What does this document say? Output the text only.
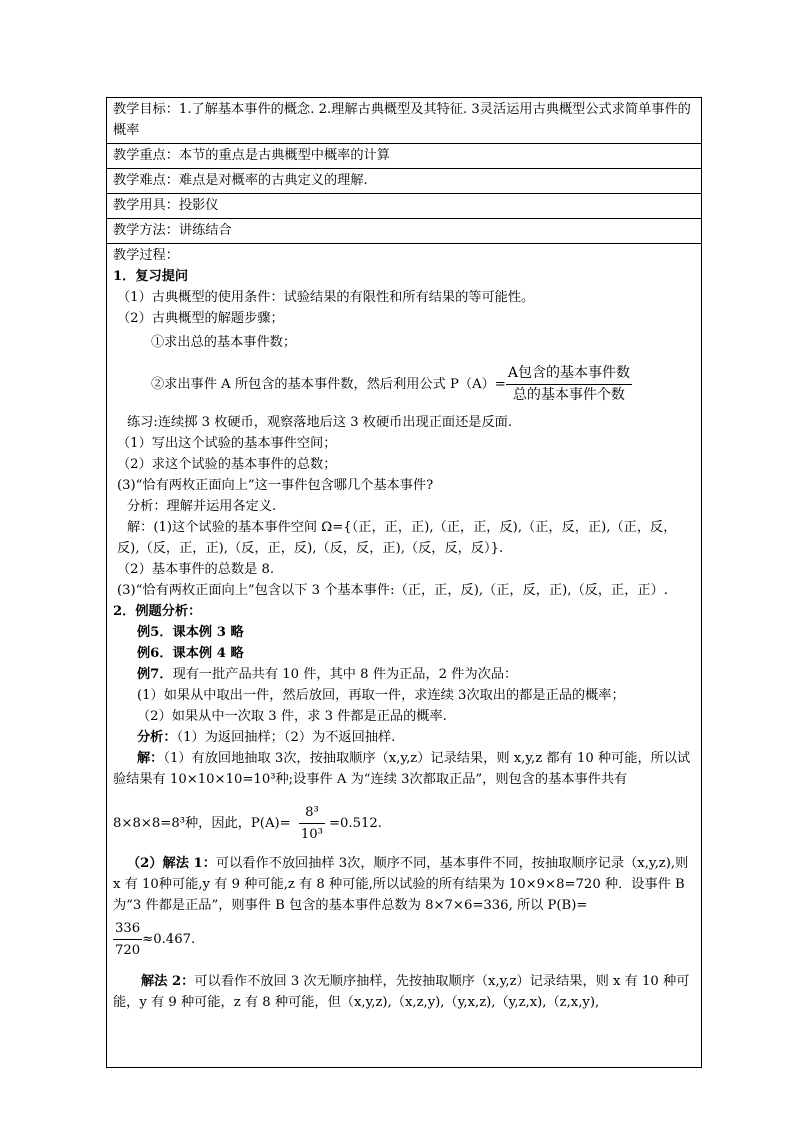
教学目标：1.了解基本事件的概念. 2.理解古典概型及其特征. 3灵活运用古典概型公式求简单事件的概率
教学重点：本节的重点是古典概型中概率的计算
教学难点：难点是对概率的古典定义的理解.
教学用具：投影仪
教学方法：讲练结合
教学过程：
1．复习提问
（1）古典概型的使用条件：试验结果的有限性和所有结果的等可能性。
（2）古典概型的解题步骤；
①求出总的基本事件数；
②求出事件 A 所包含的基本事件数，然后利用公式 $P(A)= \frac{\text{A包含的基本事件数}}{\text{总的基本事件个数}}$
练习:连续掷 3 枚硬币，观察落地后这 3 枚硬币出现正面还是反面.
（1）写出这个试验的基本事件空间；
（2）求这个试验的基本事件的总数；
(3)“恰有两枚正面向上”这一事件包含哪几个基本事件?
分析：理解并运用各定义.
解：(1)这个试验的基本事件空间 Ω={（正，正，正),（正，正，反),（正，反，正),（正，反，反),（反，正，正),（反，正，反),（反，反，正),（反，反，反）}.
（2）基本事件的总数是 8.
(3)“恰有两枚正面向上”包含以下 3 个基本事件:（正，正，反),（正，反，正),（反，正，正）.
2．例题分析：
例5．课本例 3 略
例6．课本例 4 略
例7．现有一批产品共有 10 件，其中 8 件为正品，2 件为次品：
(1）如果从中取出一件，然后放回，再取一件，求连续 3次取出的都是正品的概率；
（2）如果从中一次取 3 件，求 3 件都是正品的概率.
分析：（1）为返回抽样；（2）为不返回抽样.
解：（1）有放回地抽取 3次，按抽取顺序（x,y,z）记录结果，则 x,y,z 都有 10 种可能，所以试验结果有 10×10×10=10³种;设事件 A 为“连续 3次都取正品”，则包含的基本事件共有
8×8×8=8³种，因此，$P(A)= \frac{\text{8³}}{\text{10³}} =0.512$.
（2）解法 1：可以看作不放回抽样 3次，顺序不同，基本事件不同，按抽取顺序记录（x,y,z),则 x 有 10种可能,y 有 9 种可能,z 有 8 种可能,所以试验的所有结果为 10×9×8=720 种．设事件 B 为“3 件都是正品”，则事件 B 包含的基本事件总数为 8×7×6=336, 所以 P(B)=
$\frac{336}{720} \approx 0.467$.
解法 2：可以看作不放回 3 次无顺序抽样，先按抽取顺序（x,y,z）记录结果，则 x 有 10 种可能，y 有 9 种可能，z 有 8 种可能，但（x,y,z),（x,z,y),（y,x,z),（y,z,x),（z,x,y),
